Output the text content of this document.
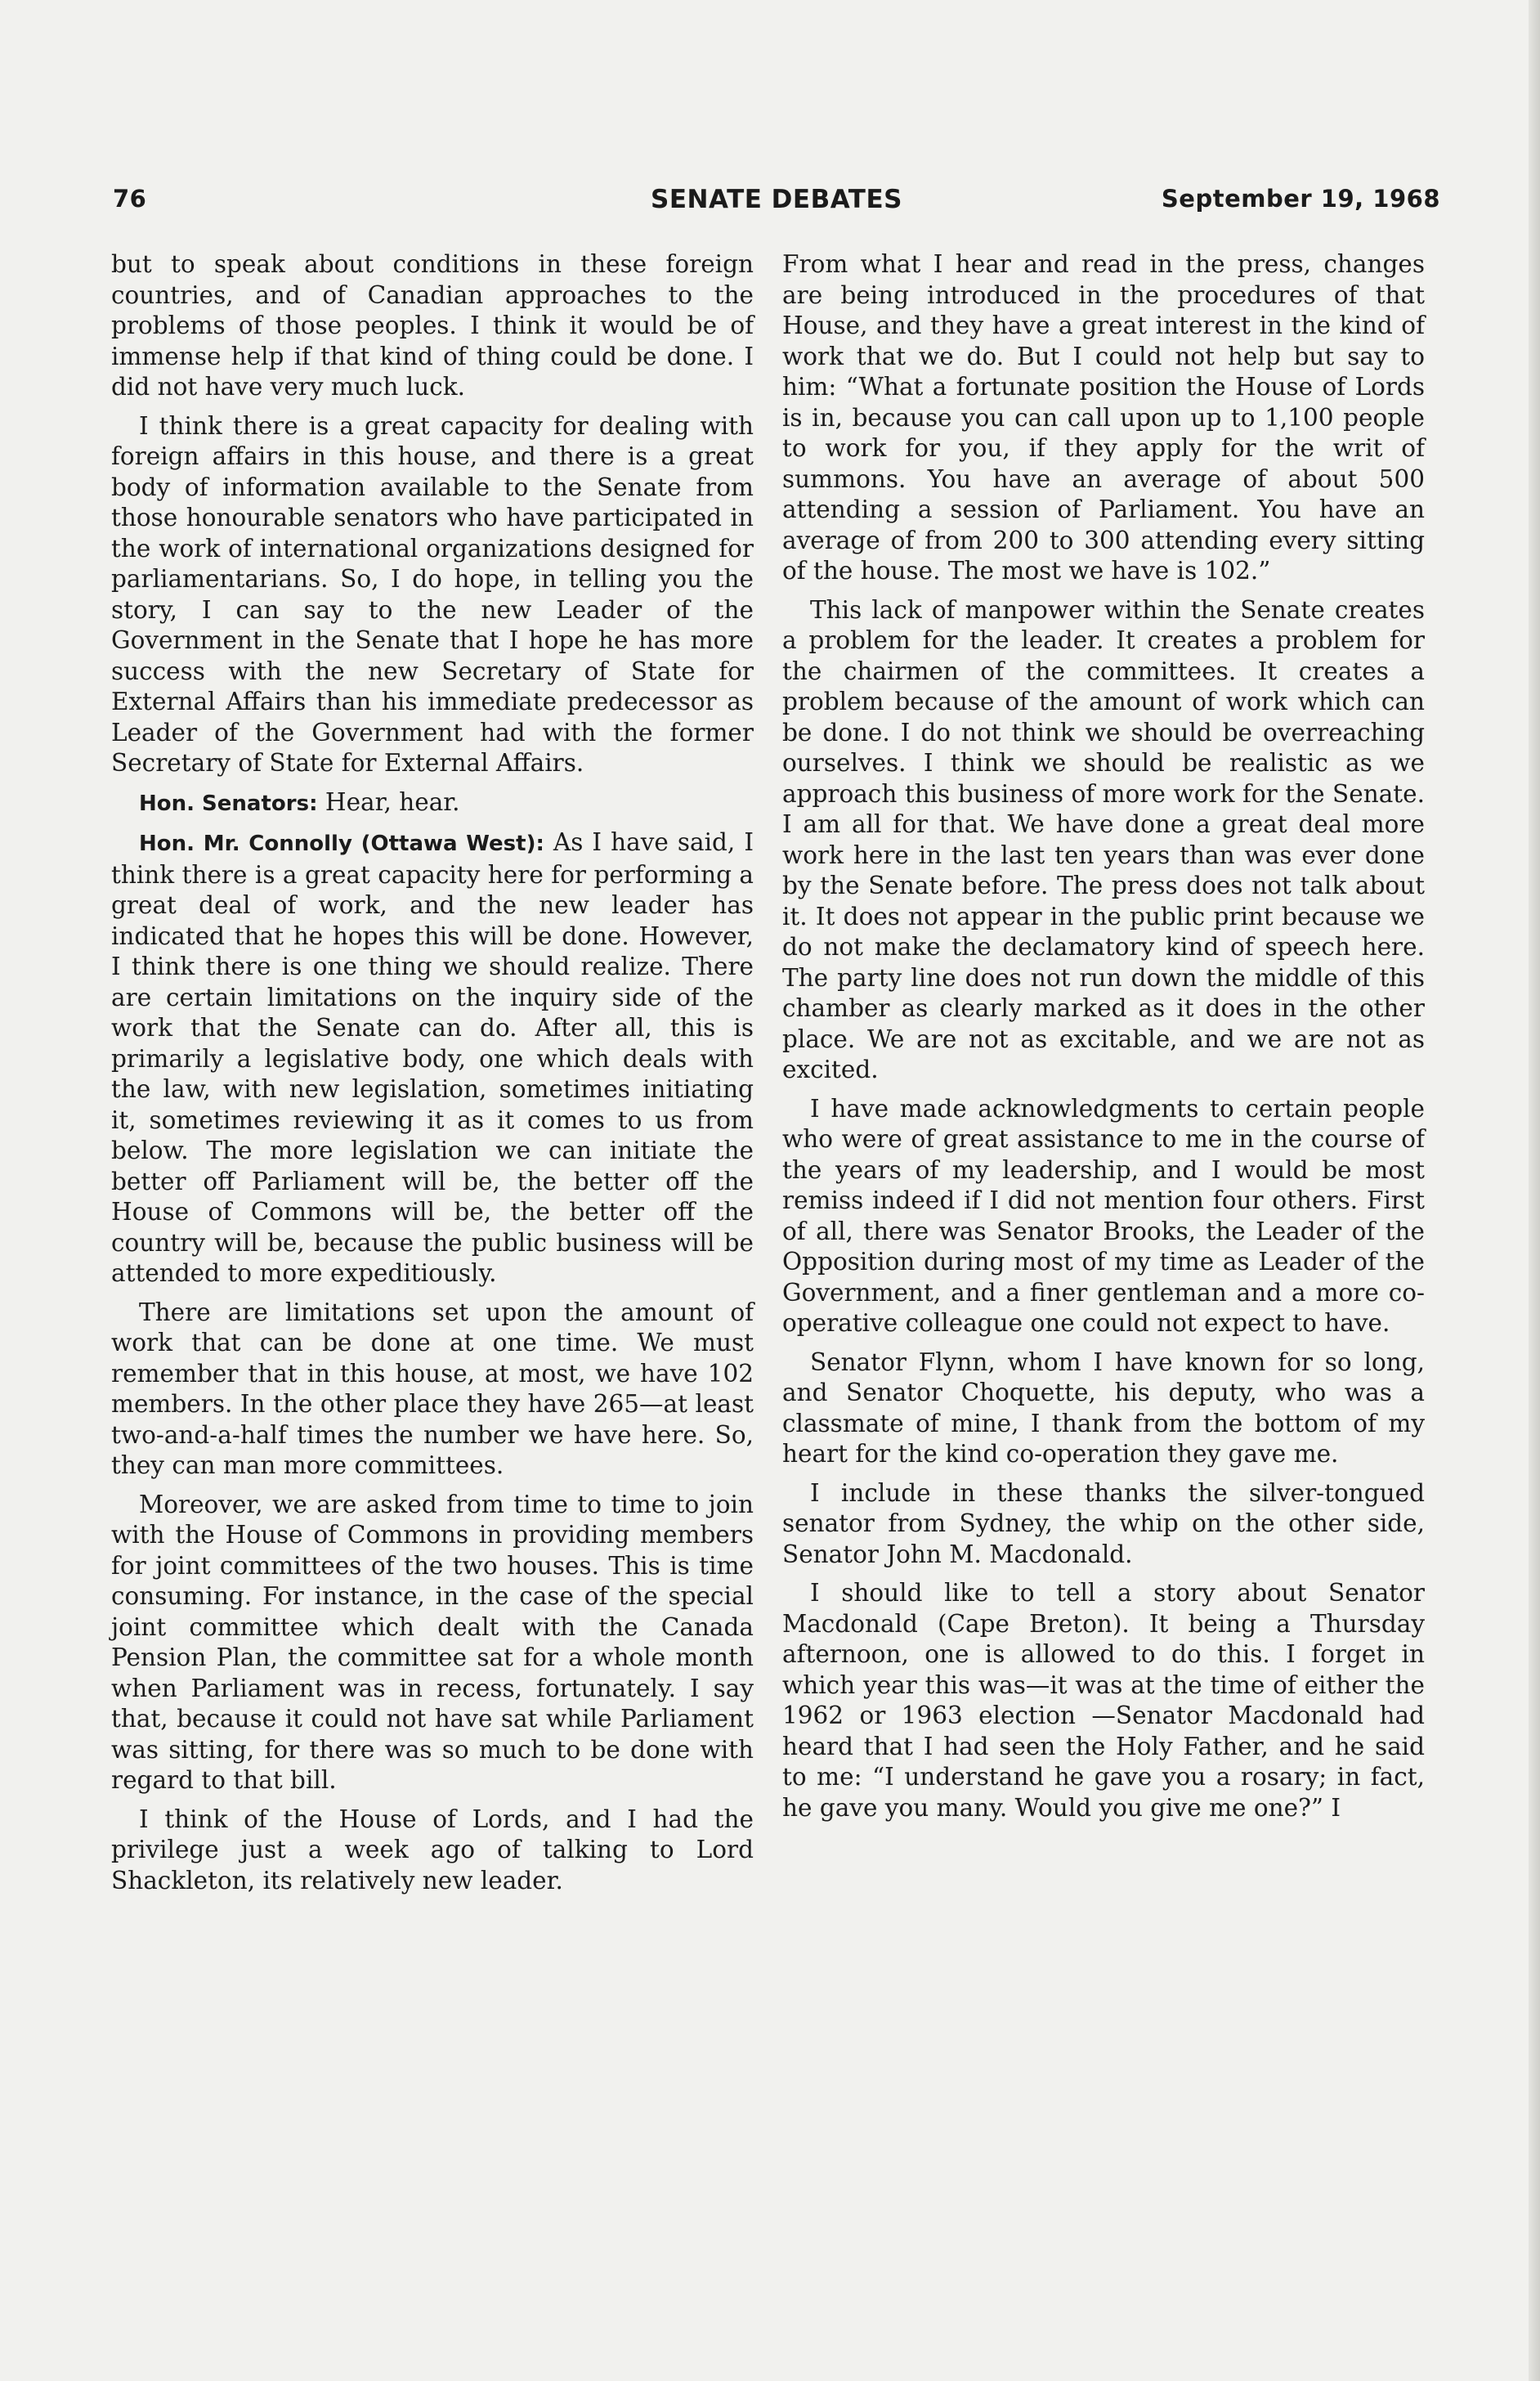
76	SENATE DEBATES	September 19, 1968

but to speak about conditions in these foreign countries, and of Canadian approaches to the problems of those peoples. I think it would be of immense help if that kind of thing could be done. I did not have very much luck.

I think there is a great capacity for dealing with foreign affairs in this house, and there is a great body of information available to the Senate from those honourable senators who have participated in the work of international organizations designed for parliamentarians. So, I do hope, in telling you the story, I can say to the new Leader of the Government in the Senate that I hope he has more success with the new Secretary of State for External Affairs than his immediate predecessor as Leader of the Government had with the former Secretary of State for External Affairs.

Hon. Senators: Hear, hear.

Hon. Mr. Connolly (Ottawa West): As I have said, I think there is a great capacity here for performing a great deal of work, and the new leader has indicated that he hopes this will be done. However, I think there is one thing we should realize. There are certain limitations on the inquiry side of the work that the Senate can do. After all, this is primarily a legislative body, one which deals with the law, with new legislation, sometimes initiating it, sometimes reviewing it as it comes to us from below. The more legislation we can initiate the better off Parliament will be, the better off the House of Commons will be, the better off the country will be, because the public business will be attended to more expeditiously.

There are limitations set upon the amount of work that can be done at one time. We must remember that in this house, at most, we have 102 members. In the other place they have 265—at least two-and-a-half times the number we have here. So, they can man more committees.

Moreover, we are asked from time to time to join with the House of Commons in providing members for joint committees of the two houses. This is time consuming. For instance, in the case of the special joint committee which dealt with the Canada Pension Plan, the committee sat for a whole month when Parliament was in recess, fortunately. I say that, because it could not have sat while Parliament was sitting, for there was so much to be done with regard to that bill.

I think of the House of Lords, and I had the privilege just a week ago of talking to Lord Shackleton, its relatively new leader.

From what I hear and read in the press, changes are being introduced in the procedures of that House, and they have a great interest in the kind of work that we do. But I could not help but say to him: “What a fortunate position the House of Lords is in, because you can call upon up to 1,100 people to work for you, if they apply for the writ of summons. You have an average of about 500 attending a session of Parliament. You have an average of from 200 to 300 attending every sitting of the house. The most we have is 102.”

This lack of manpower within the Senate creates a problem for the leader. It creates a problem for the chairmen of the committees. It creates a problem because of the amount of work which can be done. I do not think we should be overreaching ourselves. I think we should be realistic as we approach this business of more work for the Senate. I am all for that. We have done a great deal more work here in the last ten years than was ever done by the Senate before. The press does not talk about it. It does not appear in the public print because we do not make the declamatory kind of speech here. The party line does not run down the middle of this chamber as clearly marked as it does in the other place. We are not as excitable, and we are not as excited.

I have made acknowledgments to certain people who were of great assistance to me in the course of the years of my leadership, and I would be most remiss indeed if I did not mention four others. First of all, there was Senator Brooks, the Leader of the Opposition during most of my time as Leader of the Government, and a finer gentleman and a more co-operative colleague one could not expect to have.

Senator Flynn, whom I have known for so long, and Senator Choquette, his deputy, who was a classmate of mine, I thank from the bottom of my heart for the kind co-operation they gave me.

I include in these thanks the silver-tongued senator from Sydney, the whip on the other side, Senator John M. Macdonald.

I should like to tell a story about Senator Macdonald (Cape Breton). It being a Thursday afternoon, one is allowed to do this. I forget in which year this was—it was at the time of either the 1962 or 1963 election —Senator Macdonald had heard that I had seen the Holy Father, and he said to me: “I understand he gave you a rosary; in fact, he gave you many. Would you give me one?” I
